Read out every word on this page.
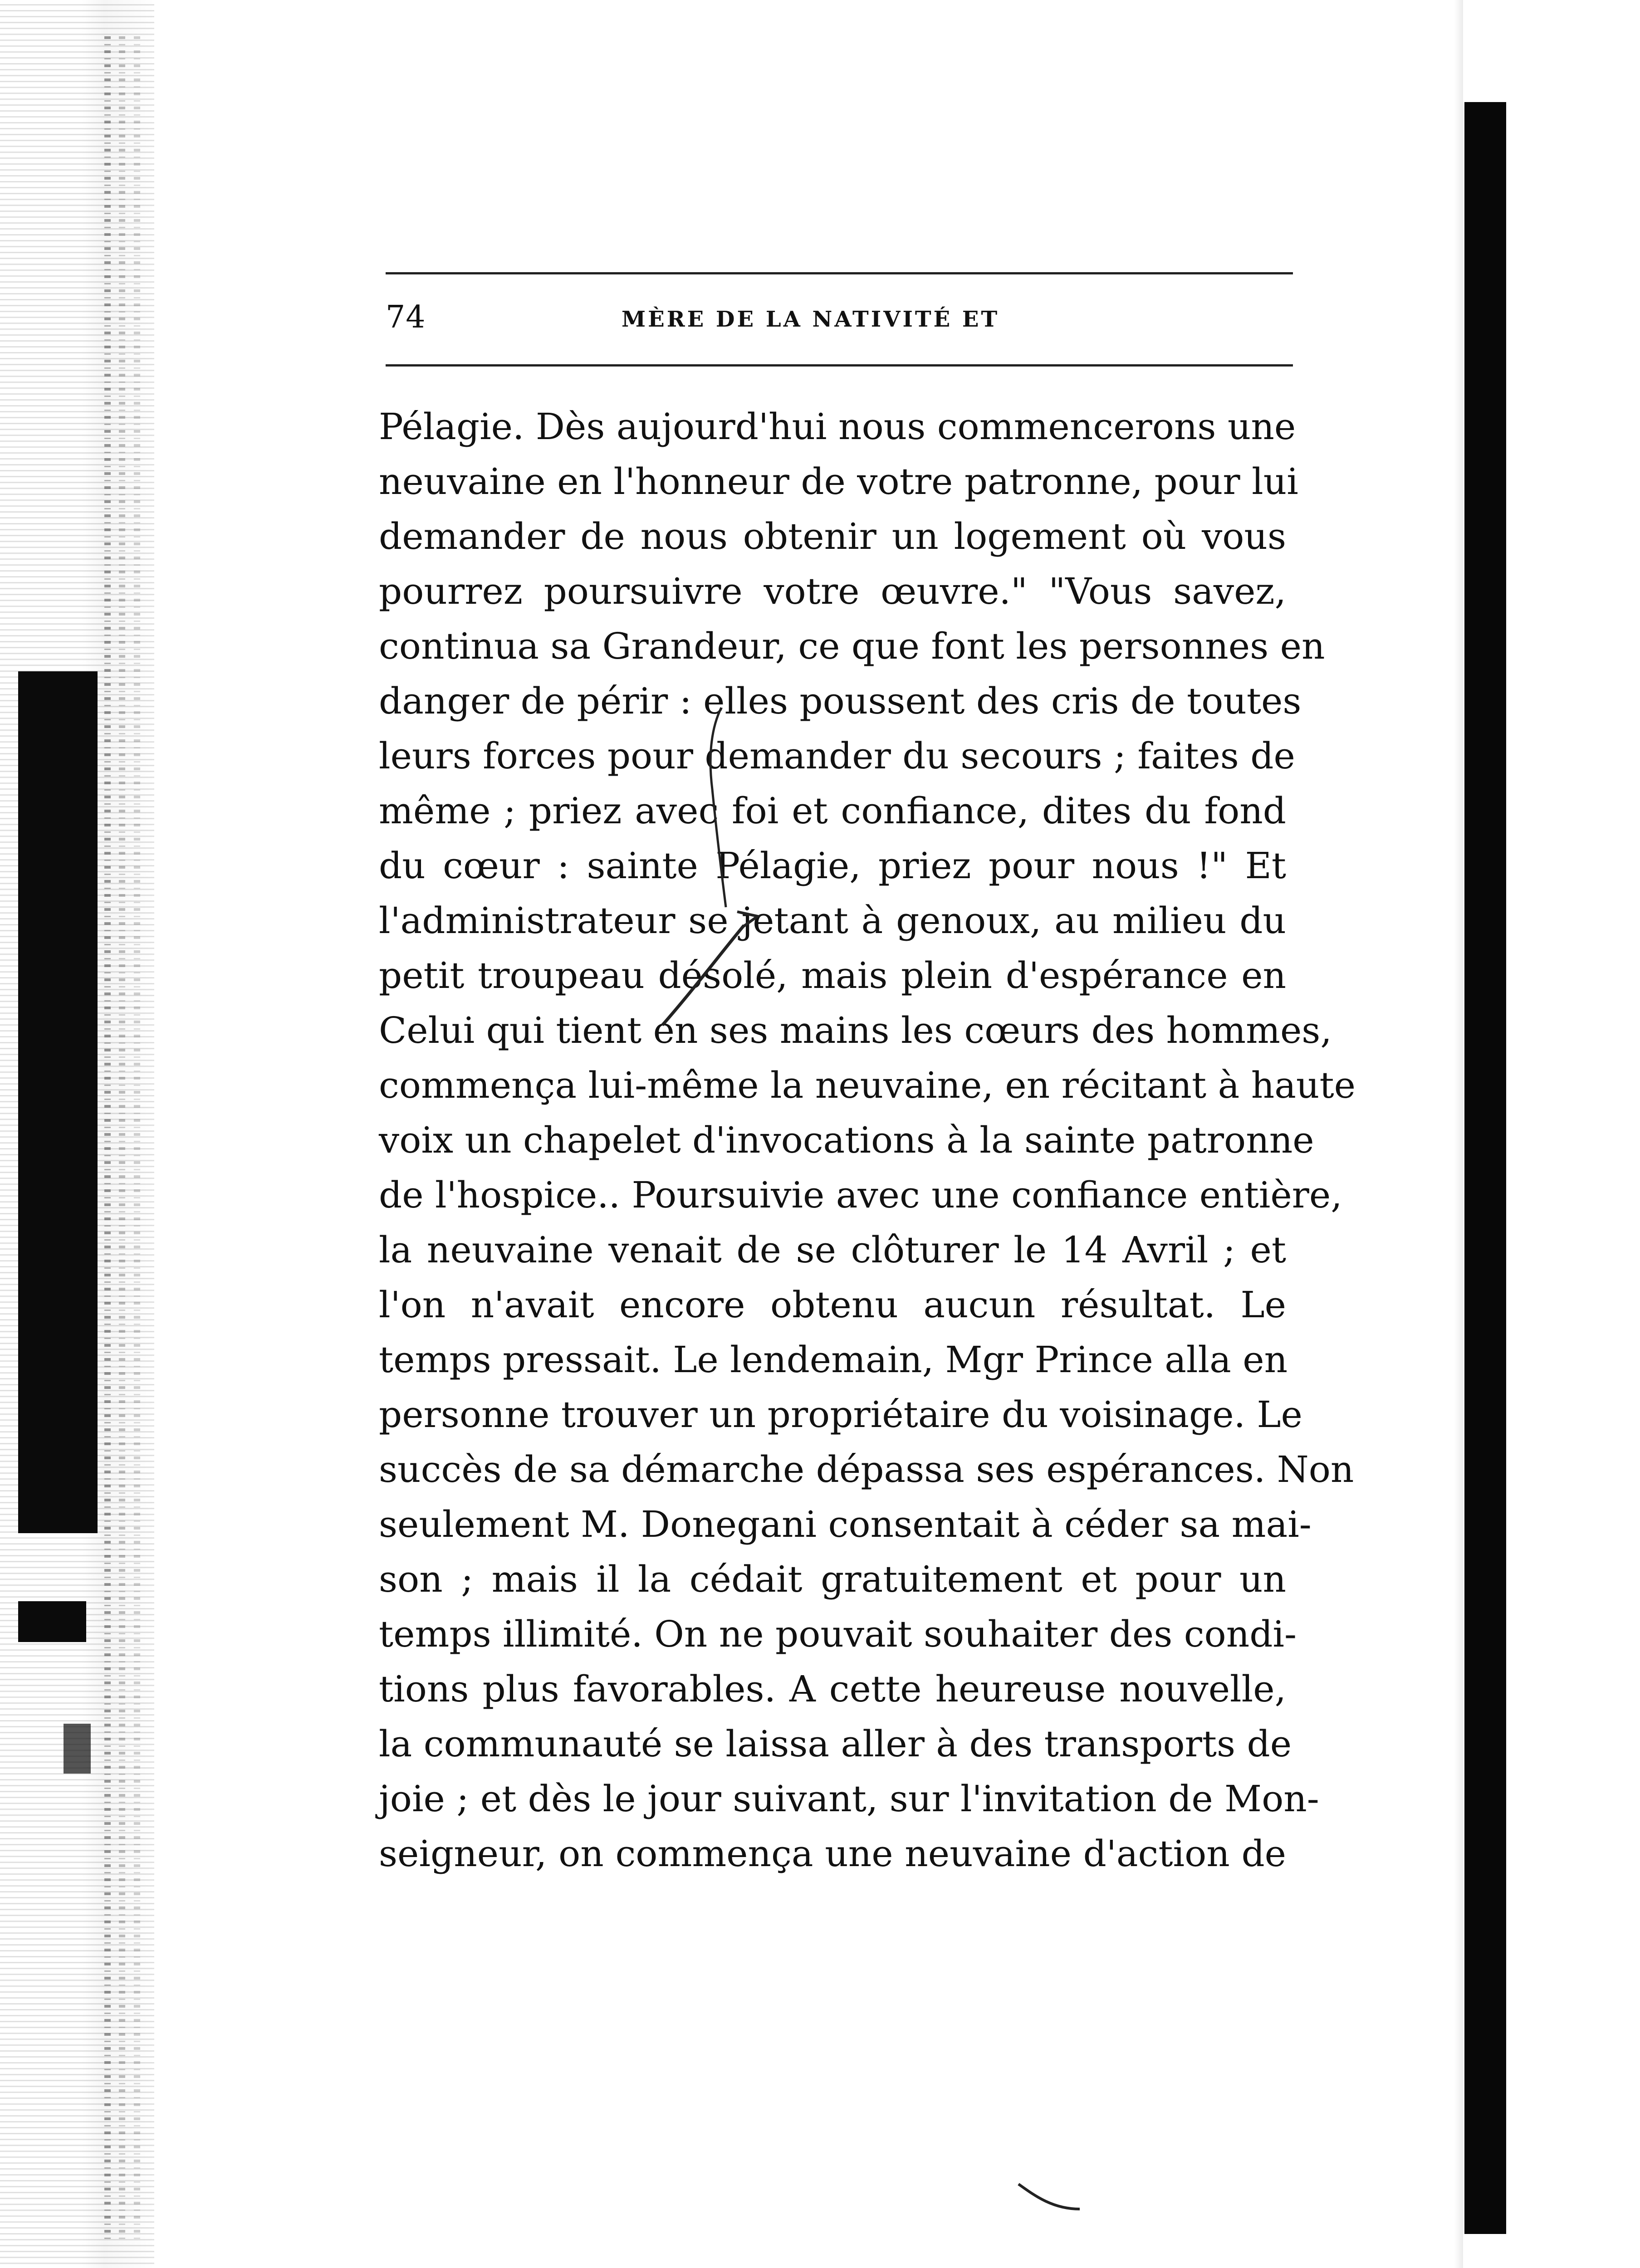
74	MÈRE DE LA NATIVITÉ ET
Pélagie. Dès aujourd'hui nous commencerons une
neuvaine en l'honneur de votre patronne, pour lui
demander de nous obtenir un logement où vous
pourrez poursuivre votre œuvre." "Vous savez,
continua sa Grandeur, ce que font les personnes en
danger de périr : elles poussent des cris de toutes
leurs forces pour demander du secours ; faites de
même ; priez avec foi et confiance, dites du fond
du cœur : sainte Pélagie, priez pour nous !" Et
l'administrateur se jetant à genoux, au milieu du
petit troupeau désolé, mais plein d'espérance en
Celui qui tient en ses mains les cœurs des hommes,
commença lui-même la neuvaine, en récitant à haute
voix un chapelet d'invocations à la sainte patronne
de l'hospice.. Poursuivie avec une confiance entière,
la neuvaine venait de se clôturer le 14 Avril ; et
l'on n'avait encore obtenu aucun résultat. Le
temps pressait. Le lendemain, Mgr Prince alla en
personne trouver un propriétaire du voisinage. Le
succès de sa démarche dépassa ses espérances. Non
seulement M. Donegani consentait à céder sa mai-
son ; mais il la cédait gratuitement et pour un
temps illimité. On ne pouvait souhaiter des condi-
tions plus favorables. A cette heureuse nouvelle,
la communauté se laissa aller à des transports de
joie ; et dès le jour suivant, sur l'invitation de Mon-
seigneur, on commença une neuvaine d'action de
